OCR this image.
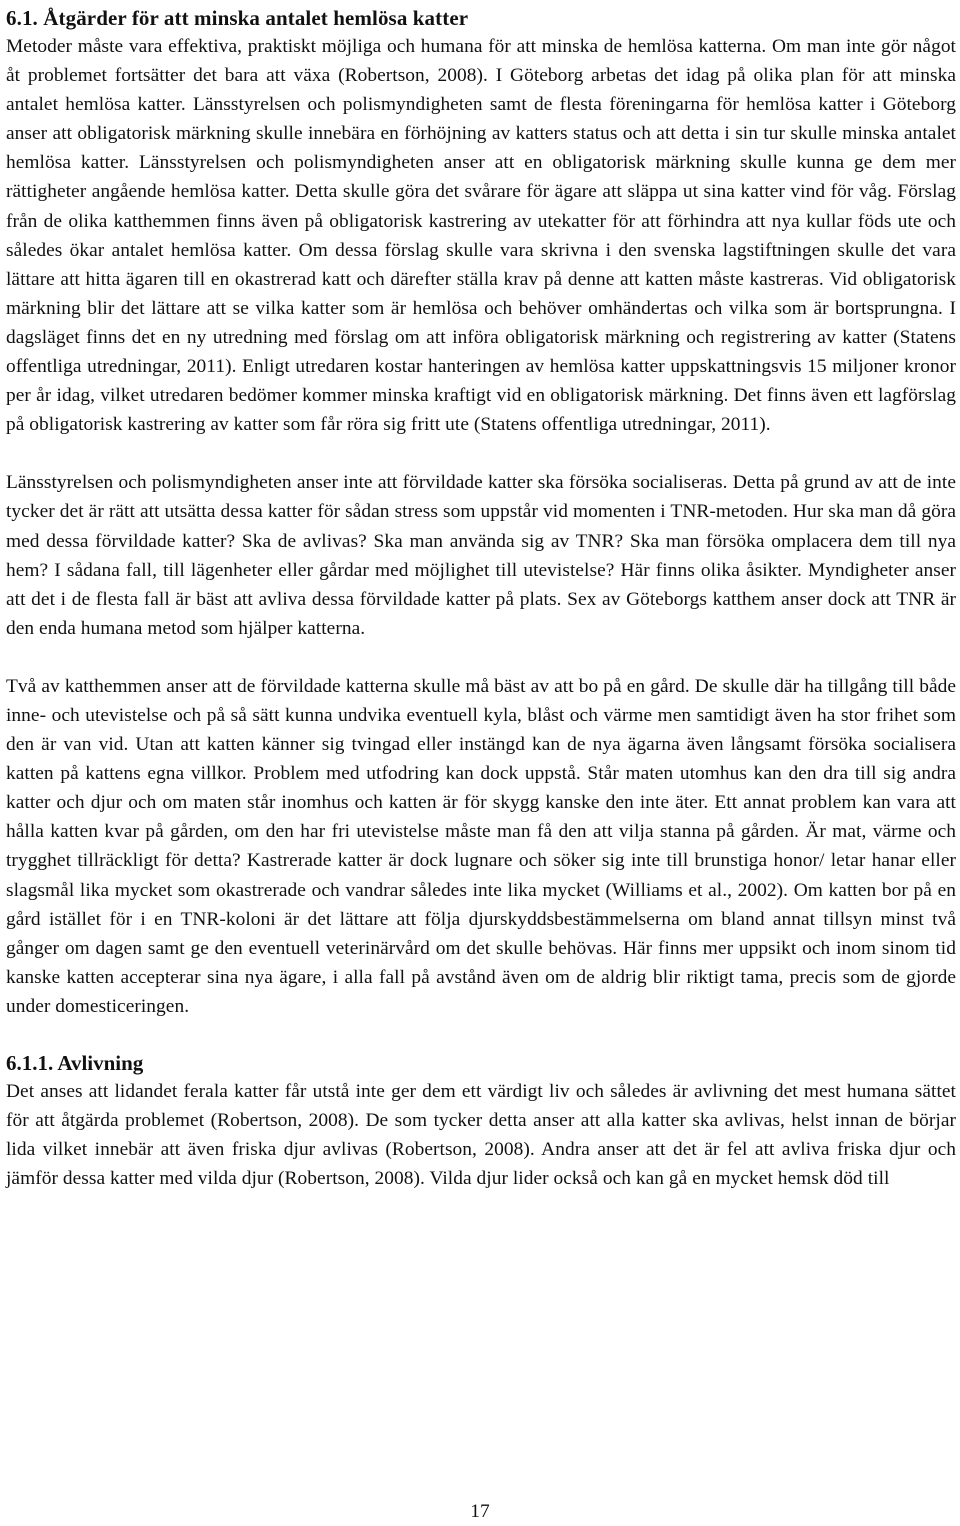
6.1. Åtgärder för att minska antalet hemlösa katter

Metoder måste vara effektiva, praktiskt möjliga och humana för att minska de hemlösa katterna. Om man inte gör något åt problemet fortsätter det bara att växa (Robertson, 2008). I Göteborg arbetas det idag på olika plan för att minska antalet hemlösa katter. Länsstyrelsen och polismyndigheten samt de flesta föreningarna för hemlösa katter i Göteborg anser att obligatorisk märkning skulle innebära en förhöjning av katters status och att detta i sin tur skulle minska antalet hemlösa katter. Länsstyrelsen och polismyndigheten anser att en obligatorisk märkning skulle kunna ge dem mer rättigheter angående hemlösa katter. Detta skulle göra det svårare för ägare att släppa ut sina katter vind för våg. Förslag från de olika katthemmen finns även på obligatorisk kastrering av utekatter för att förhindra att nya kullar föds ute och således ökar antalet hemlösa katter. Om dessa förslag skulle vara skrivna i den svenska lagstiftningen skulle det vara lättare att hitta ägaren till en okastrerad katt och därefter ställa krav på denne att katten måste kastreras. Vid obligatorisk märkning blir det lättare att se vilka katter som är hemlösa och behöver omhändertas och vilka som är bortsprungna. I dagsläget finns det en ny utredning med förslag om att införa obligatorisk märkning och registrering av katter (Statens offentliga utredningar, 2011). Enligt utredaren kostar hanteringen av hemlösa katter uppskattningsvis 15 miljoner kronor per år idag, vilket utredaren bedömer kommer minska kraftigt vid en obligatorisk märkning. Det finns även ett lagförslag på obligatorisk kastrering av katter som får röra sig fritt ute (Statens offentliga utredningar, 2011).

Länsstyrelsen och polismyndigheten anser inte att förvildade katter ska försöka socialiseras. Detta på grund av att de inte tycker det är rätt att utsätta dessa katter för sådan stress som uppstår vid momenten i TNR-metoden. Hur ska man då göra med dessa förvildade katter? Ska de avlivas? Ska man använda sig av TNR? Ska man försöka omplacera dem till nya hem? I sådana fall, till lägenheter eller gårdar med möjlighet till utevistelse? Här finns olika åsikter. Myndigheter anser att det i de flesta fall är bäst att avliva dessa förvildade katter på plats. Sex av Göteborgs katthem anser dock att TNR är den enda humana metod som hjälper katterna.

Två av katthemmen anser att de förvildade katterna skulle må bäst av att bo på en gård. De skulle där ha tillgång till både inne- och utevistelse och på så sätt kunna undvika eventuell kyla, blåst och värme men samtidigt även ha stor frihet som den är van vid. Utan att katten känner sig tvingad eller instängd kan de nya ägarna även långsamt försöka socialisera katten på kattens egna villkor. Problem med utfodring kan dock uppstå. Står maten utomhus kan den dra till sig andra katter och djur och om maten står inomhus och katten är för skygg kanske den inte äter. Ett annat problem kan vara att hålla katten kvar på gården, om den har fri utevistelse måste man få den att vilja stanna på gården. Är mat, värme och trygghet tillräckligt för detta? Kastrerade katter är dock lugnare och söker sig inte till brunstiga honor/ letar hanar eller slagsmål lika mycket som okastrerade och vandrar således inte lika mycket (Williams et al., 2002). Om katten bor på en gård istället för i en TNR-koloni är det lättare att följa djurskyddsbestämmelserna om bland annat tillsyn minst två gånger om dagen samt ge den eventuell veterinärvård om det skulle behövas. Här finns mer uppsikt och inom sinom tid kanske katten accepterar sina nya ägare, i alla fall på avstånd även om de aldrig blir riktigt tama, precis som de gjorde under domesticeringen.

6.1.1. Avlivning

Det anses att lidandet ferala katter får utstå inte ger dem ett värdigt liv och således är avlivning det mest humana sättet för att åtgärda problemet (Robertson, 2008). De som tycker detta anser att alla katter ska avlivas, helst innan de börjar lida vilket innebär att även friska djur avlivas (Robertson, 2008). Andra anser att det är fel att avliva friska djur och jämför dessa katter med vilda djur (Robertson, 2008). Vilda djur lider också och kan gå en mycket hemsk död till

17
